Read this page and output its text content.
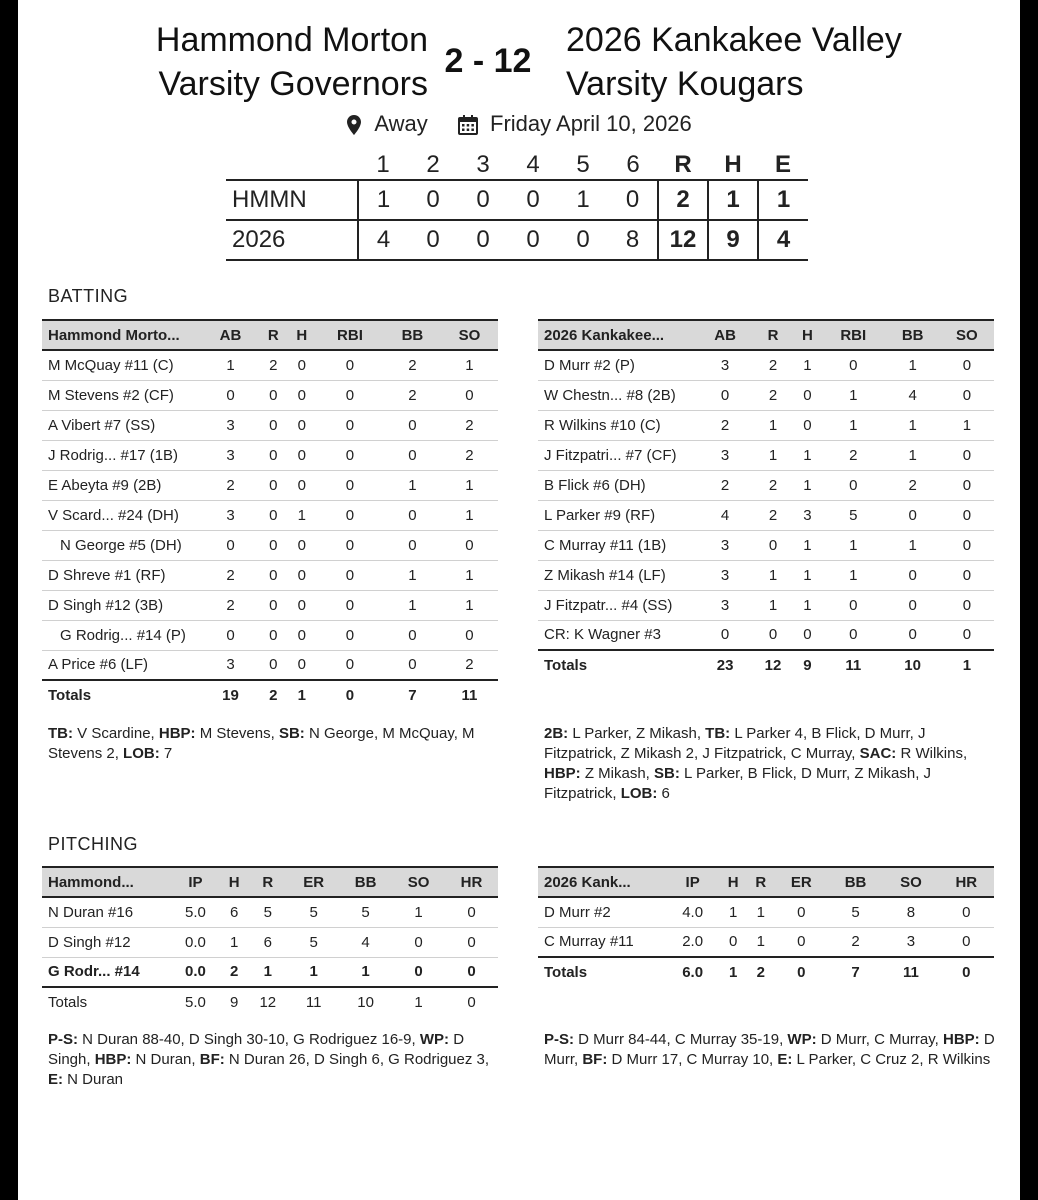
Hammond Morton
Varsity Governors
2 - 12
2026 Kankakee Valley
Varsity Kougars
Away	Friday April 10, 2026
	1	2	3	4	5	6	R	H	E
HMMN	1	0	0	0	1	0	2	1	1
2026	4	0	0	0	0	8	12	9	4
BATTING
Hammond Morto...	AB	R	H	RBI	BB	SO
M McQuay #11 (C)	1	2	0	0	2	1
M Stevens #2 (CF)	0	0	0	0	2	0
A Vibert #7 (SS)	3	0	0	0	0	2
J Rodrig... #17 (1B)	3	0	0	0	0	2
E Abeyta #9 (2B)	2	0	0	0	1	1
V Scard... #24 (DH)	3	0	1	0	0	1
N George #5 (DH)	0	0	0	0	0	0
D Shreve #1 (RF)	2	0	0	0	1	1
D Singh #12 (3B)	2	0	0	0	1	1
G Rodrig... #14 (P)	0	0	0	0	0	0
A Price #6 (LF)	3	0	0	0	0	2
Totals	19	2	1	0	7	11
2026 Kankakee...	AB	R	H	RBI	BB	SO
D Murr #2 (P)	3	2	1	0	1	0
W Chestn... #8 (2B)	0	2	0	1	4	0
R Wilkins #10 (C)	2	1	0	1	1	1
J Fitzpatri... #7 (CF)	3	1	1	2	1	0
B Flick #6 (DH)	2	2	1	0	2	0
L Parker #9 (RF)	4	2	3	5	0	0
C Murray #11 (1B)	3	0	1	1	1	0
Z Mikash #14 (LF)	3	1	1	1	0	0
J Fitzpatr... #4 (SS)	3	1	1	0	0	0
CR: K Wagner #3	0	0	0	0	0	0
Totals	23	12	9	11	10	1
TB: V Scardine, HBP: M Stevens, SB: N George, M McQuay, M Stevens 2, LOB: 7
2B: L Parker, Z Mikash, TB: L Parker 4, B Flick, D Murr, J Fitzpatrick, Z Mikash 2, J Fitzpatrick, C Murray, SAC: R Wilkins, HBP: Z Mikash, SB: L Parker, B Flick, D Murr, Z Mikash, J Fitzpatrick, LOB: 6
PITCHING
Hammond...	IP	H	R	ER	BB	SO	HR
N Duran #16	5.0	6	5	5	5	1	0
D Singh #12	0.0	1	6	5	4	0	0
G Rodr... #14	0.0	2	1	1	1	0	0
Totals	5.0	9	12	11	10	1	0
2026 Kank...	IP	H	R	ER	BB	SO	HR
D Murr #2	4.0	1	1	0	5	8	0
C Murray #11	2.0	0	1	0	2	3	0
Totals	6.0	1	2	0	7	11	0
P-S: N Duran 88-40, D Singh 30-10, G Rodriguez 16-9, WP: D Singh, HBP: N Duran, BF: N Duran 26, D Singh 6, G Rodriguez 3, E: N Duran
P-S: D Murr 84-44, C Murray 35-19, WP: D Murr, C Murray, HBP: D Murr, BF: D Murr 17, C Murray 10, E: L Parker, C Cruz 2, R Wilkins
